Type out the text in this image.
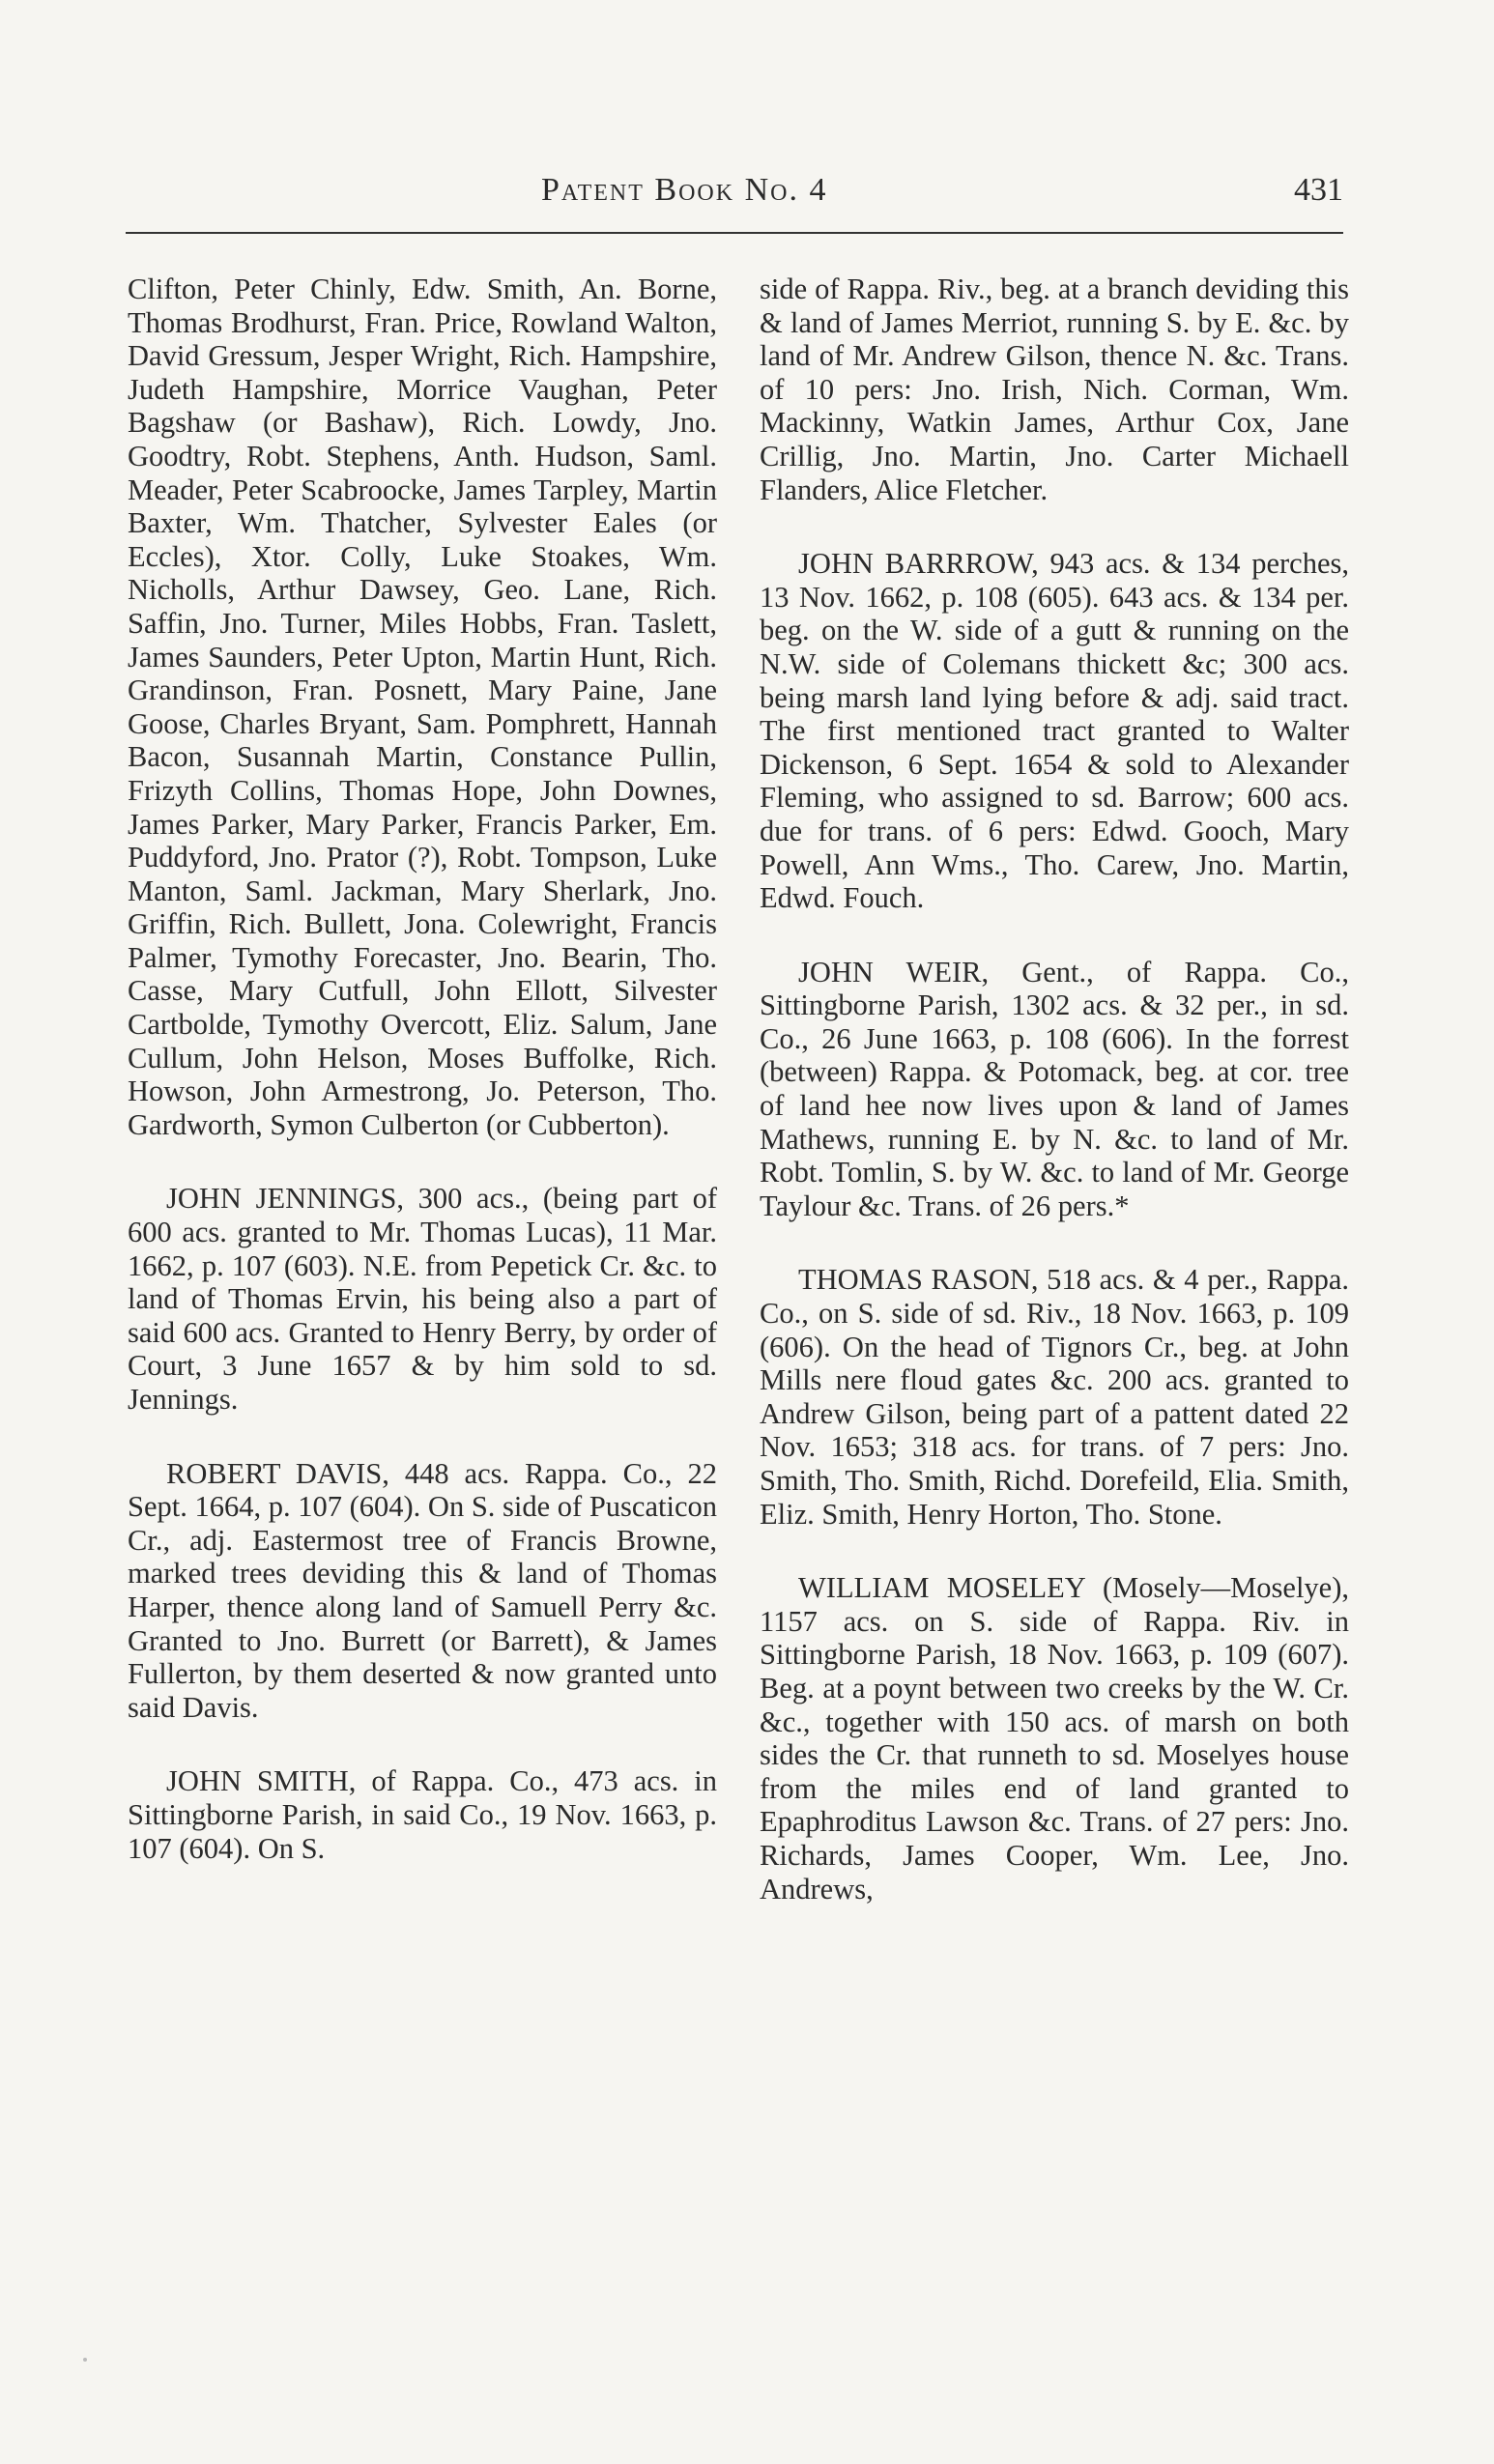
Patent Book No. 4	431

Clifton, Peter Chinly, Edw. Smith, An. Borne, Thomas Brodhurst, Fran. Price, Rowland Walton, David Gressum, Jesper Wright, Rich. Hampshire, Judeth Hampshire, Morrice Vaughan, Peter Bagshaw (or Bashaw), Rich. Lowdy, Jno. Goodtry, Robt. Stephens, Anth. Hudson, Saml. Meader, Peter Scabroocke, James Tarpley, Martin Baxter, Wm. Thatcher, Sylvester Eales (or Eccles), Xtor. Colly, Luke Stoakes, Wm. Nicholls, Arthur Dawsey, Geo. Lane, Rich. Saffin, Jno. Turner, Miles Hobbs, Fran. Taslett, James Saunders, Peter Upton, Martin Hunt, Rich. Grandinson, Fran. Posnett, Mary Paine, Jane Goose, Charles Bryant, Sam. Pomphrett, Hannah Bacon, Susannah Martin, Constance Pullin, Frizyth Collins, Thomas Hope, John Downes, James Parker, Mary Parker, Francis Parker, Em. Puddyford, Jno. Prator (?), Robt. Tompson, Luke Manton, Saml. Jackman, Mary Sherlark, Jno. Griffin, Rich. Bullett, Jona. Colewright, Francis Palmer, Tymothy Forecaster, Jno. Bearin, Tho. Casse, Mary Cutfull, John Ellott, Silvester Cartbolde, Tymothy Overcott, Eliz. Salum, Jane Cullum, John Helson, Moses Buffolke, Rich. Howson, John Armestrong, Jo. Peterson, Tho. Gardworth, Symon Culberton (or Cubberton).

JOHN JENNINGS, 300 acs., (being part of 600 acs. granted to Mr. Thomas Lucas), 11 Mar. 1662, p. 107 (603). N.E. from Pepetick Cr. &c. to land of Thomas Ervin, his being also a part of said 600 acs. Granted to Henry Berry, by order of Court, 3 June 1657 & by him sold to sd. Jennings.

ROBERT DAVIS, 448 acs. Rappa. Co., 22 Sept. 1664, p. 107 (604). On S. side of Puscaticon Cr., adj. Eastermost tree of Francis Browne, marked trees deviding this & land of Thomas Harper, thence along land of Samuell Perry &c. Granted to Jno. Burrett (or Barrett), & James Fullerton, by them deserted & now granted unto said Davis.

JOHN SMITH, of Rappa. Co., 473 acs. in Sittingborne Parish, in said Co., 19 Nov. 1663, p. 107 (604). On S.

side of Rappa. Riv., beg. at a branch deviding this & land of James Merriot, running S. by E. &c. by land of Mr. Andrew Gilson, thence N. &c. Trans. of 10 pers: Jno. Irish, Nich. Corman, Wm. Mackinny, Watkin James, Arthur Cox, Jane Crillig, Jno. Martin, Jno. Carter Michaell Flanders, Alice Fletcher.

JOHN BARRROW, 943 acs. & 134 perches, 13 Nov. 1662, p. 108 (605). 643 acs. & 134 per. beg. on the W. side of a gutt & running on the N.W. side of Colemans thickett &c; 300 acs. being marsh land lying before & adj. said tract. The first mentioned tract granted to Walter Dickenson, 6 Sept. 1654 & sold to Alexander Fleming, who assigned to sd. Barrow; 600 acs. due for trans. of 6 pers: Edwd. Gooch, Mary Powell, Ann Wms., Tho. Carew, Jno. Martin, Edwd. Fouch.

JOHN WEIR, Gent., of Rappa. Co., Sittingborne Parish, 1302 acs. & 32 per., in sd. Co., 26 June 1663, p. 108 (606). In the forrest (between) Rappa. & Potomack, beg. at cor. tree of land hee now lives upon & land of James Mathews, running E. by N. &c. to land of Mr. Robt. Tomlin, S. by W. &c. to land of Mr. George Taylour &c. Trans. of 26 pers.*

THOMAS RASON, 518 acs. & 4 per., Rappa. Co., on S. side of sd. Riv., 18 Nov. 1663, p. 109 (606). On the head of Tignors Cr., beg. at John Mills nere floud gates &c. 200 acs. granted to Andrew Gilson, being part of a pattent dated 22 Nov. 1653; 318 acs. for trans. of 7 pers: Jno. Smith, Tho. Smith, Richd. Dorefeild, Elia. Smith, Eliz. Smith, Henry Horton, Tho. Stone.

WILLIAM MOSELEY (Mosely—Moselye), 1157 acs. on S. side of Rappa. Riv. in Sittingborne Parish, 18 Nov. 1663, p. 109 (607). Beg. at a poynt between two creeks by the W. Cr. &c., together with 150 acs. of marsh on both sides the Cr. that runneth to sd. Moselyes house from the miles end of land granted to Epaphroditus Lawson &c. Trans. of 27 pers: Jno. Richards, James Cooper, Wm. Lee, Jno. Andrews,
